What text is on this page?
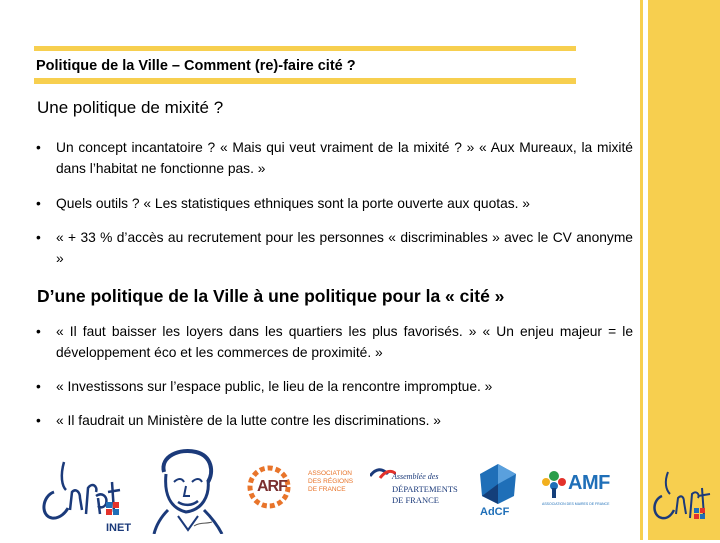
Politique de la Ville – Comment (re)-faire cité ?
Une politique de mixité ?
• Un concept incantatoire ? « Mais qui veut vraiment de la mixité ? » « Aux Mureaux, la mixité dans l’habitat ne fonctionne pas. »
• Quels outils ? « Les statistiques ethniques sont la porte ouverte aux quotas. »
• « + 33 % d’accès au recrutement pour les personnes « discriminables » avec le CV anonyme »
D’une politique de la Ville à une politique pour la « cité »
• « Il faut baisser les loyers dans les quartiers les plus favorisés. » « Un enjeu majeur = le développement éco et les commerces de proximité. »
• « Investissons sur l’espace public, le lieu de la rencontre impromptue. »
• « Il faudrait un Ministère de la lutte contre les discriminations. »
INET
ARF
ASSOCIATION
DES RÉGIONS
DE FRANCE
Assemblée des
DÉPARTEMENTS
DE FRANCE
AdCF
AMF
ASSOCIATION DES MAIRES DE FRANCE
